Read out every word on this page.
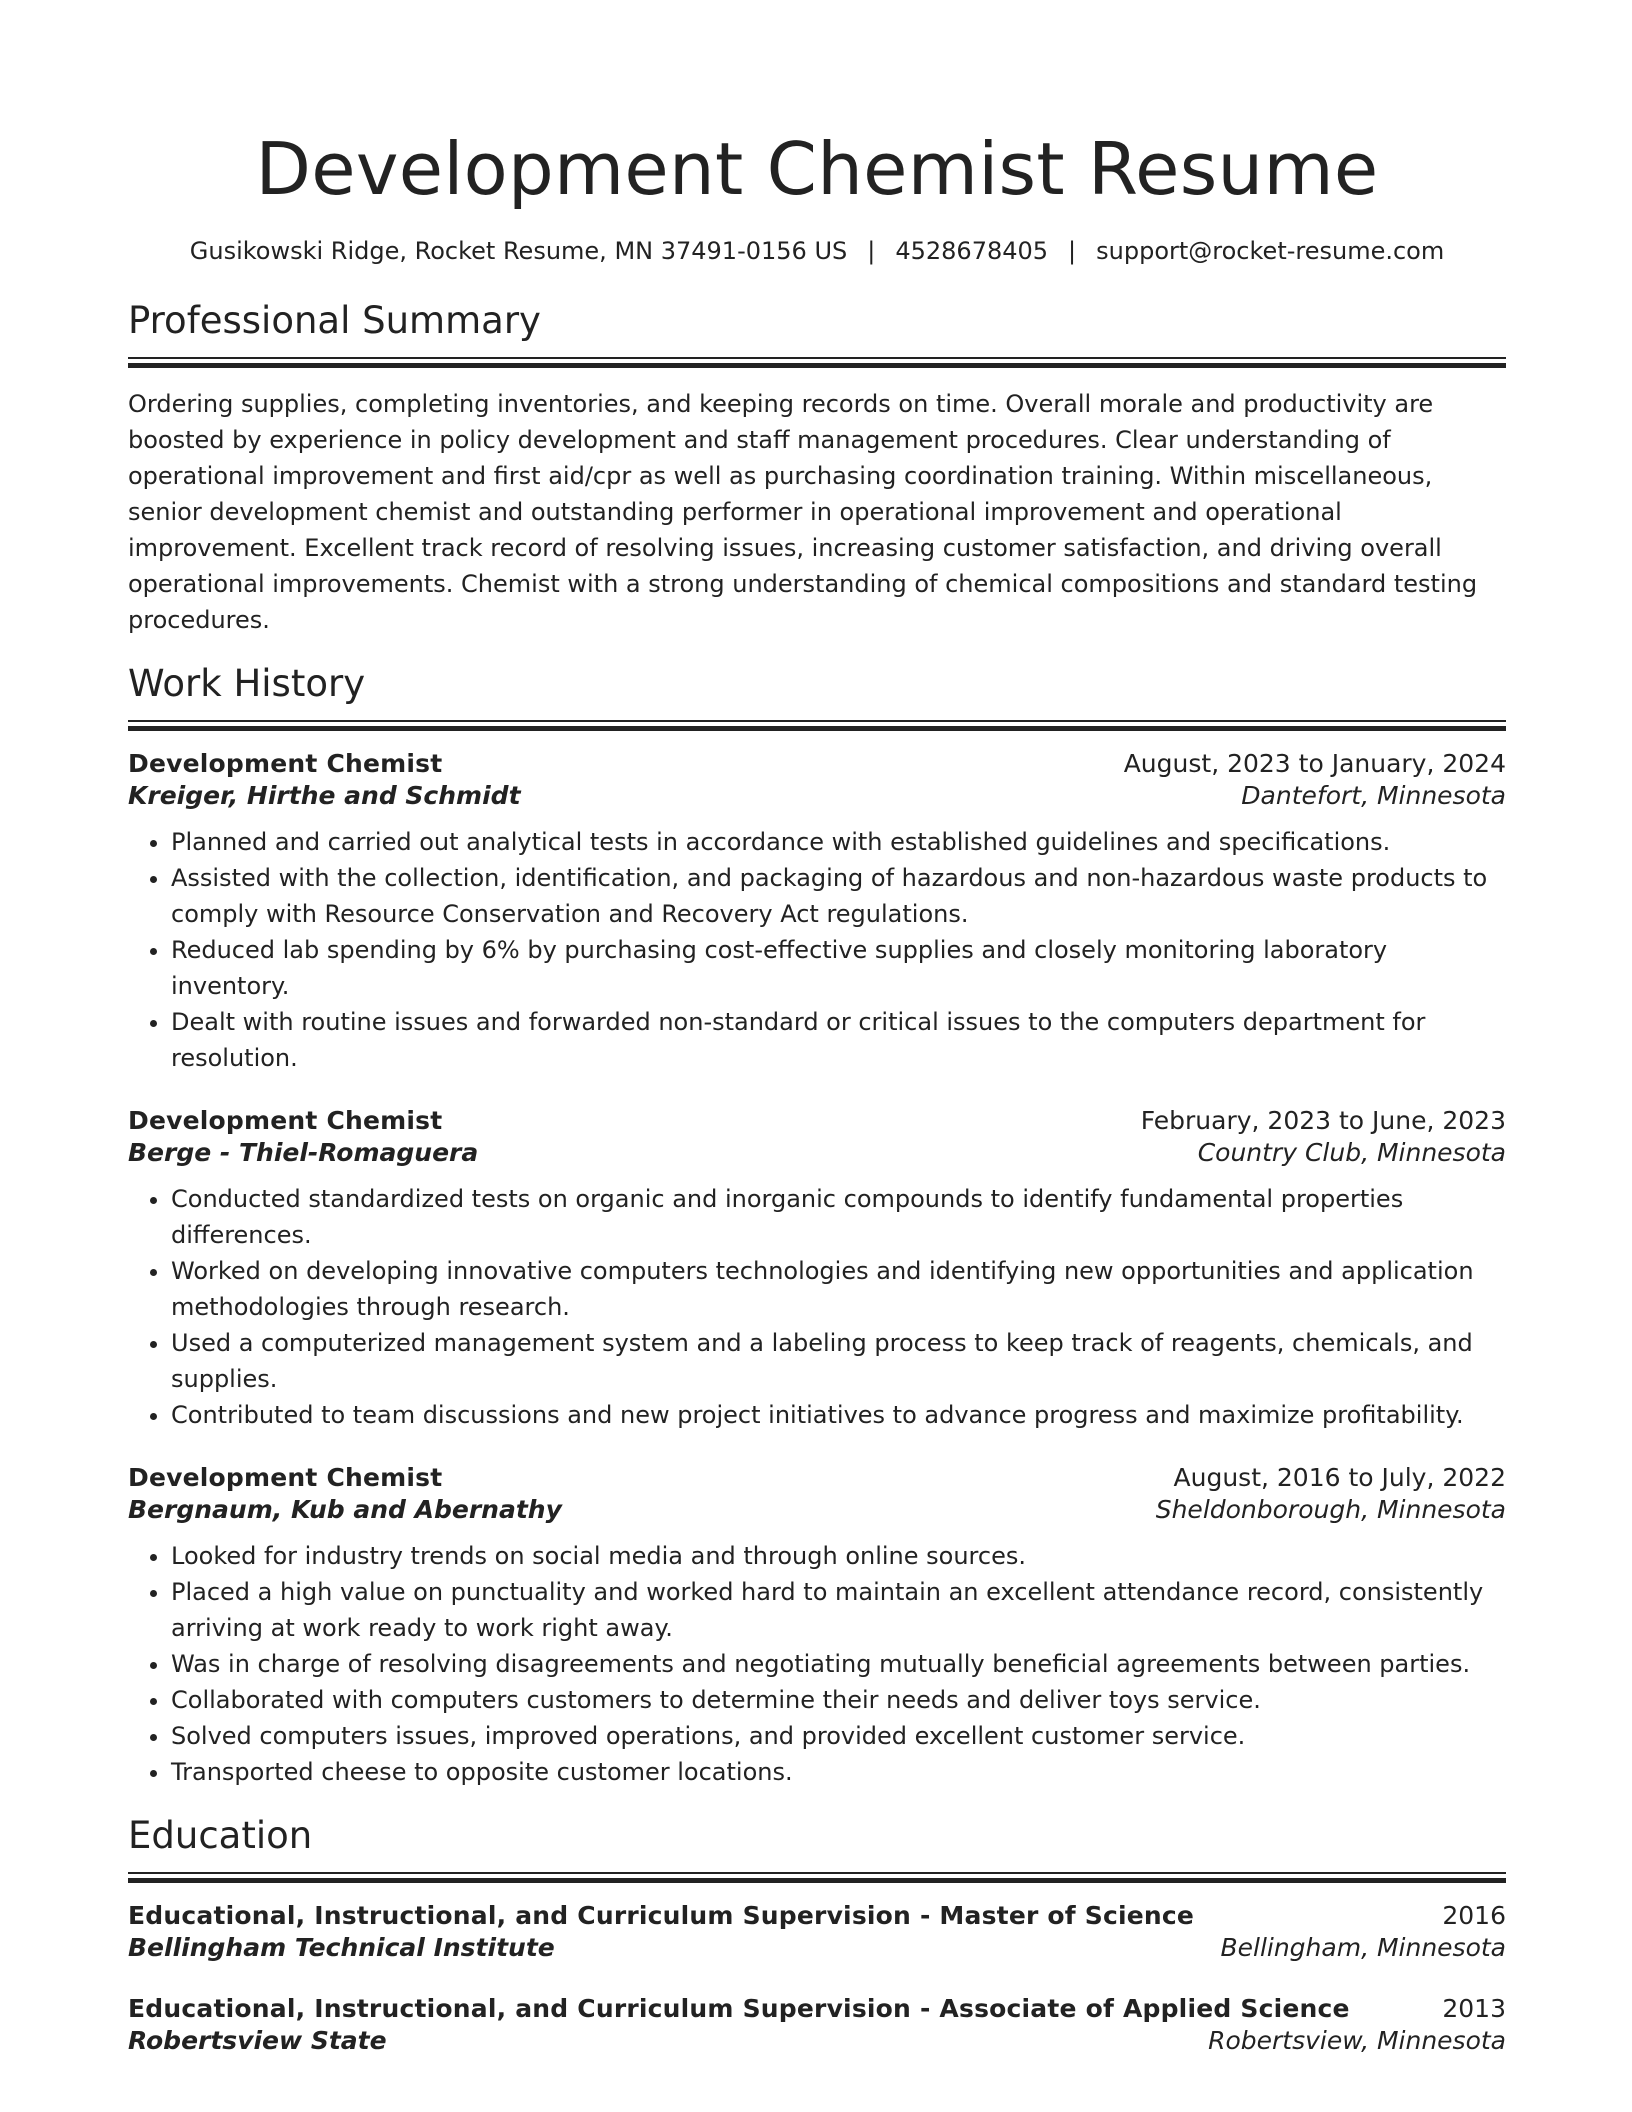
Development Chemist Resume
Gusikowski Ridge, Rocket Resume, MN 37491-0156 US | 4528678405 | support@rocket-resume.com
Professional Summary
Ordering supplies, completing inventories, and keeping records on time. Overall morale and productivity are boosted by experience in policy development and staff management procedures. Clear understanding of operational improvement and first aid/cpr as well as purchasing coordination training. Within miscellaneous, senior development chemist and outstanding performer in operational improvement and operational improvement. Excellent track record of resolving issues, increasing customer satisfaction, and driving overall operational improvements. Chemist with a strong understanding of chemical compositions and standard testing procedures.
Work History
Development Chemist	August, 2023 to January, 2024
Kreiger, Hirthe and Schmidt	Dantefort, Minnesota
• Planned and carried out analytical tests in accordance with established guidelines and specifications.
• Assisted with the collection, identification, and packaging of hazardous and non-hazardous waste products to comply with Resource Conservation and Recovery Act regulations.
• Reduced lab spending by 6% by purchasing cost-effective supplies and closely monitoring laboratory inventory.
• Dealt with routine issues and forwarded non-standard or critical issues to the computers department for resolution.
Development Chemist	February, 2023 to June, 2023
Berge - Thiel-Romaguera	Country Club, Minnesota
• Conducted standardized tests on organic and inorganic compounds to identify fundamental properties differences.
• Worked on developing innovative computers technologies and identifying new opportunities and application methodologies through research.
• Used a computerized management system and a labeling process to keep track of reagents, chemicals, and supplies.
• Contributed to team discussions and new project initiatives to advance progress and maximize profitability.
Development Chemist	August, 2016 to July, 2022
Bergnaum, Kub and Abernathy	Sheldonborough, Minnesota
• Looked for industry trends on social media and through online sources.
• Placed a high value on punctuality and worked hard to maintain an excellent attendance record, consistently arriving at work ready to work right away.
• Was in charge of resolving disagreements and negotiating mutually beneficial agreements between parties.
• Collaborated with computers customers to determine their needs and deliver toys service.
• Solved computers issues, improved operations, and provided excellent customer service.
• Transported cheese to opposite customer locations.
Education
Educational, Instructional, and Curriculum Supervision - Master of Science	2016
Bellingham Technical Institute	Bellingham, Minnesota
Educational, Instructional, and Curriculum Supervision - Associate of Applied Science	2013
Robertsview State	Robertsview, Minnesota
